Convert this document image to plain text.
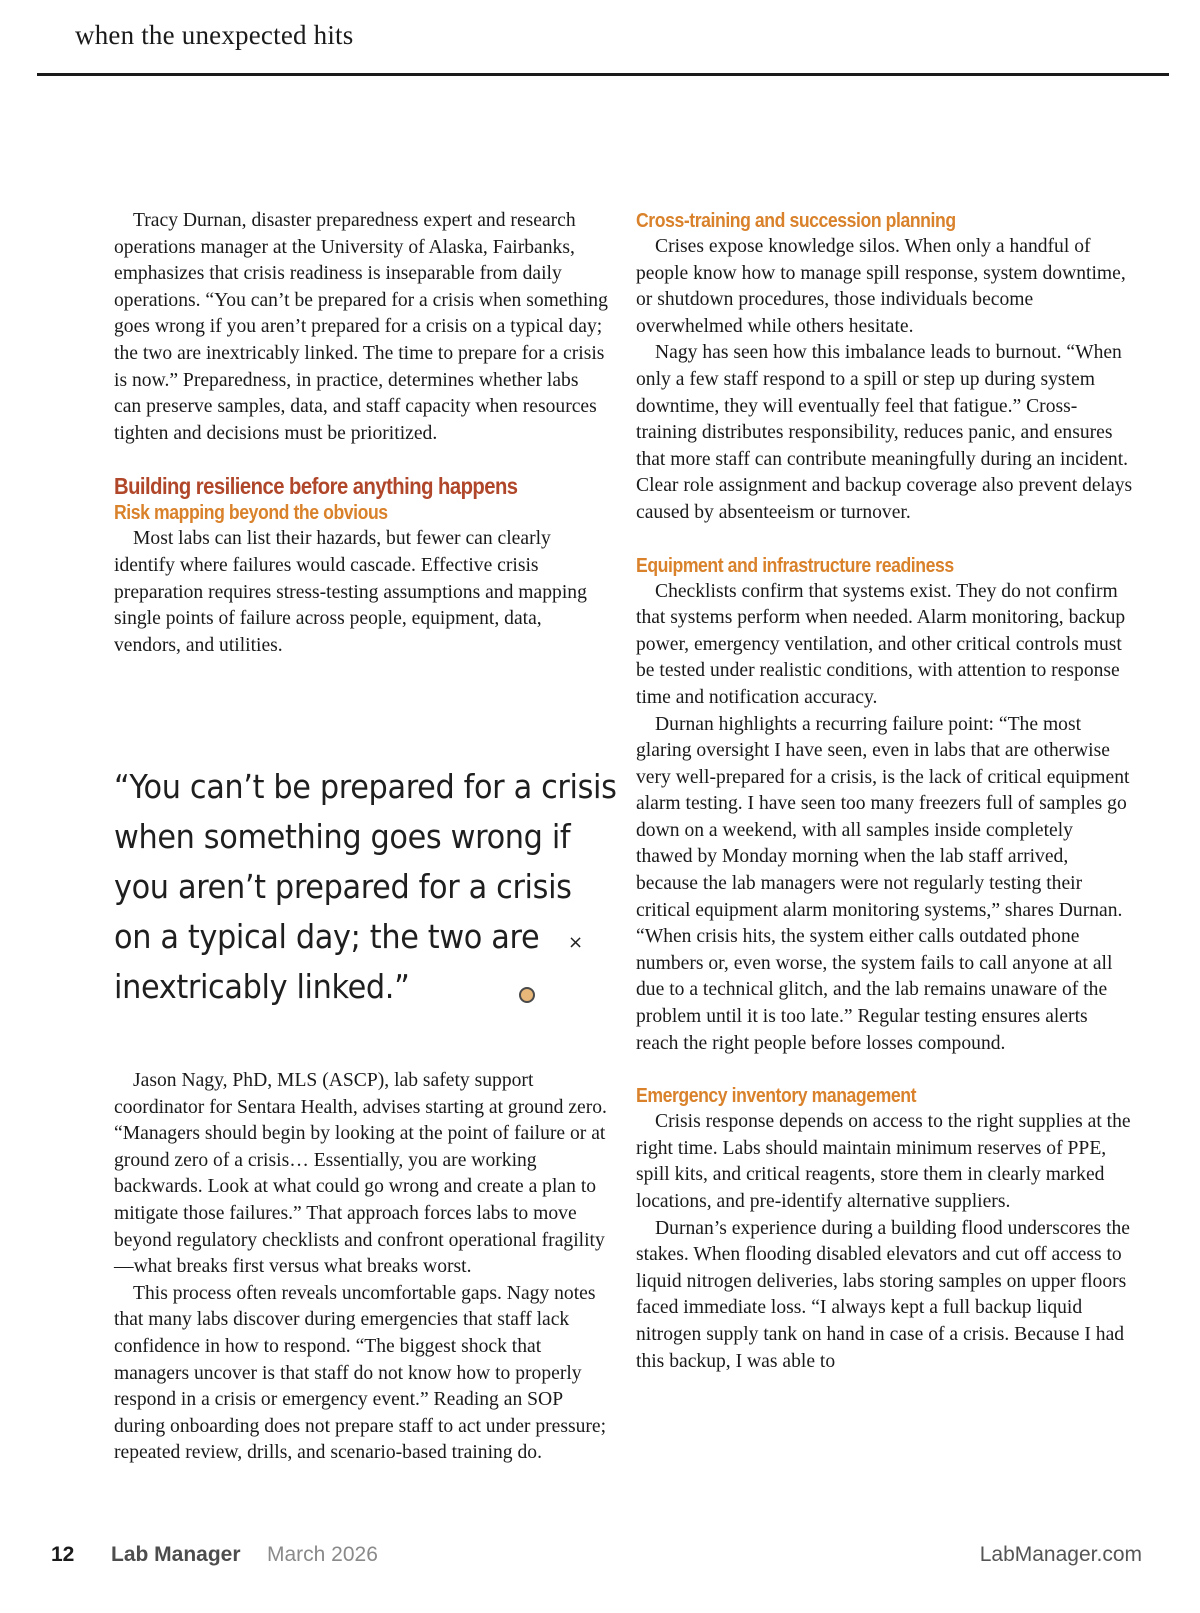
when the unexpected hits

Tracy Durnan, disaster preparedness expert and research operations manager at the University of Alaska, Fairbanks, emphasizes that crisis readiness is inseparable from daily operations. “You can’t be prepared for a crisis when something goes wrong if you aren’t prepared for a crisis on a typical day; the two are inextricably linked. The time to prepare for a crisis is now.” Preparedness, in practice, determines whether labs can preserve samples, data, and staff capacity when resources tighten and decisions must be prioritized.

Building resilience before anything happens
Risk mapping beyond the obvious

Most labs can list their hazards, but fewer can clearly identify where failures would cascade. Effective crisis preparation requires stress-testing assumptions and mapping single points of failure across people, equipment, data, vendors, and utilities.

“You can’t be prepared for a crisis
when something goes wrong if
you aren’t prepared for a crisis
on a typical day; the two are
inextricably linked.”
×

Jason Nagy, PhD, MLS (ASCP), lab safety support coordinator for Sentara Health, advises starting at ground zero. “Managers should begin by looking at the point of failure or at ground zero of a crisis… Essentially, you are working backwards. Look at what could go wrong and create a plan to mitigate those failures.” That approach forces labs to move beyond regulatory checklists and confront operational fragility—what breaks first versus what breaks worst.

This process often reveals uncomfortable gaps. Nagy notes that many labs discover during emergencies that staff lack confidence in how to respond. “The biggest shock that managers uncover is that staff do not know how to properly respond in a crisis or emergency event.” Reading an SOP during onboarding does not prepare staff to act under pressure; repeated review, drills, and scenario-based training do.

Cross-training and succession planning

Crises expose knowledge silos. When only a handful of people know how to manage spill response, system downtime, or shutdown procedures, those individuals become overwhelmed while others hesitate.

Nagy has seen how this imbalance leads to burnout. “When only a few staff respond to a spill or step up during system downtime, they will eventually feel that fatigue.” Cross-training distributes responsibility, reduces panic, and ensures that more staff can contribute meaningfully during an incident. Clear role assignment and backup coverage also prevent delays caused by absenteeism or turnover.

Equipment and infrastructure readiness

Checklists confirm that systems exist. They do not confirm that systems perform when needed. Alarm monitoring, backup power, emergency ventilation, and other critical controls must be tested under realistic conditions, with attention to response time and notification accuracy.

Durnan highlights a recurring failure point: “The most glaring oversight I have seen, even in labs that are otherwise very well-prepared for a crisis, is the lack of critical equipment alarm testing. I have seen too many freezers full of samples go down on a weekend, with all samples inside completely thawed by Monday morning when the lab staff arrived, because the lab managers were not regularly testing their critical equipment alarm monitoring systems,” shares Durnan. “When crisis hits, the system either calls outdated phone numbers or, even worse, the system fails to call anyone at all due to a technical glitch, and the lab remains unaware of the problem until it is too late.” Regular testing ensures alerts reach the right people before losses compound.

Emergency inventory management

Crisis response depends on access to the right supplies at the right time. Labs should maintain minimum reserves of PPE, spill kits, and critical reagents, store them in clearly marked locations, and pre-identify alternative suppliers.

Durnan’s experience during a building flood underscores the stakes. When flooding disabled elevators and cut off access to liquid nitrogen deliveries, labs storing samples on upper floors faced immediate loss. “I always kept a full backup liquid nitrogen supply tank on hand in case of a crisis. Because I had this backup, I was able to

12 Lab Manager March 2026	LabManager.com
